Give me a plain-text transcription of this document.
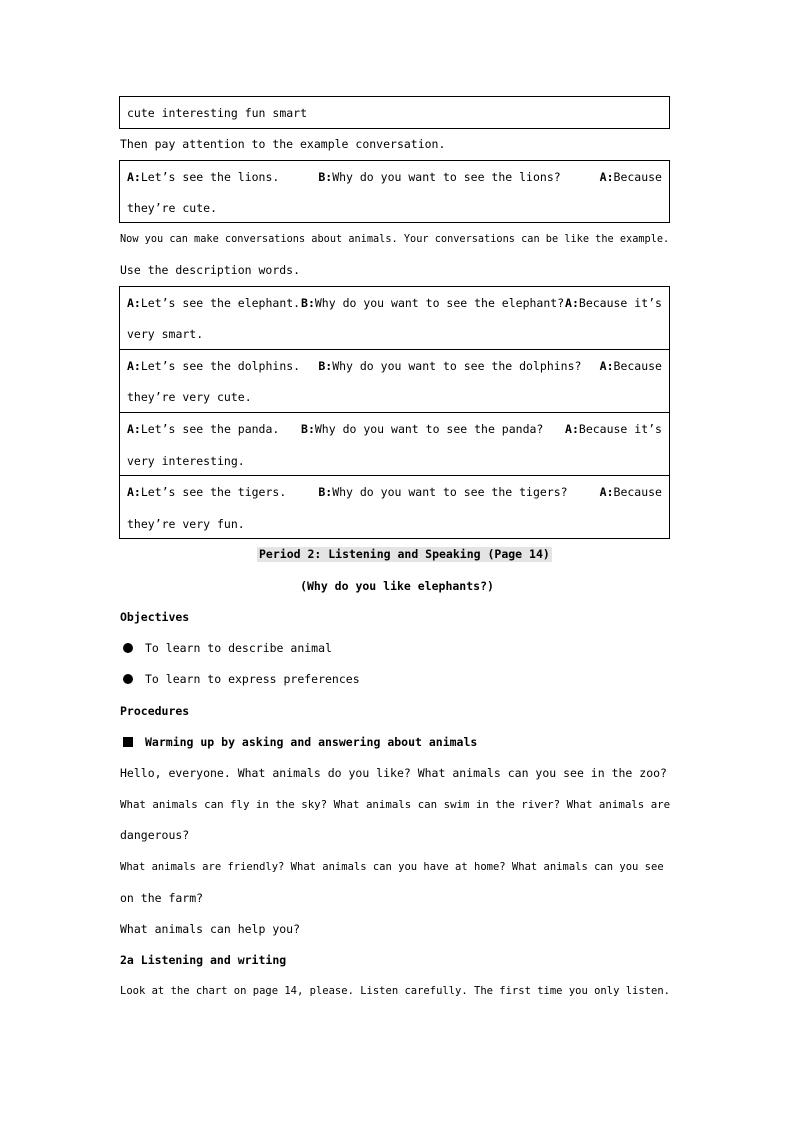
cute interesting fun smart
Then pay attention to the example conversation.
A:Let’s see the lions.	B:Why do you want to see the lions?	A:Because
they’re cute.
Now you can make conversations about animals. Your conversations can be like the example.
Use the description words.
A:Let’s see the elephant. B:Why do you want to see the elephant? A:Because it’s
very smart.
A:Let’s see the dolphins. B:Why do you want to see the dolphins? A:Because
they’re very cute.
A:Let’s see the panda. B:Why do you want to see the panda? A:Because it’s
very interesting.
A:Let’s see the tigers.	B:Why do you want to see the tigers?	A:Because
they’re very fun.
Period 2: Listening and Speaking (Page 14)
(Why do you like elephants?)
Objectives
To learn to describe animal
To learn to express preferences
Procedures
Warming up by asking and answering about animals
Hello, everyone. What animals do you like? What animals can you see in the zoo?
What animals can fly in the sky? What animals can swim in the river? What animals are
dangerous?
What animals are friendly? What animals can you have at home? What animals can you see
on the farm?
What animals can help you?
2a Listening and writing
Look at the chart on page 14, please. Listen carefully. The first time you only listen.
